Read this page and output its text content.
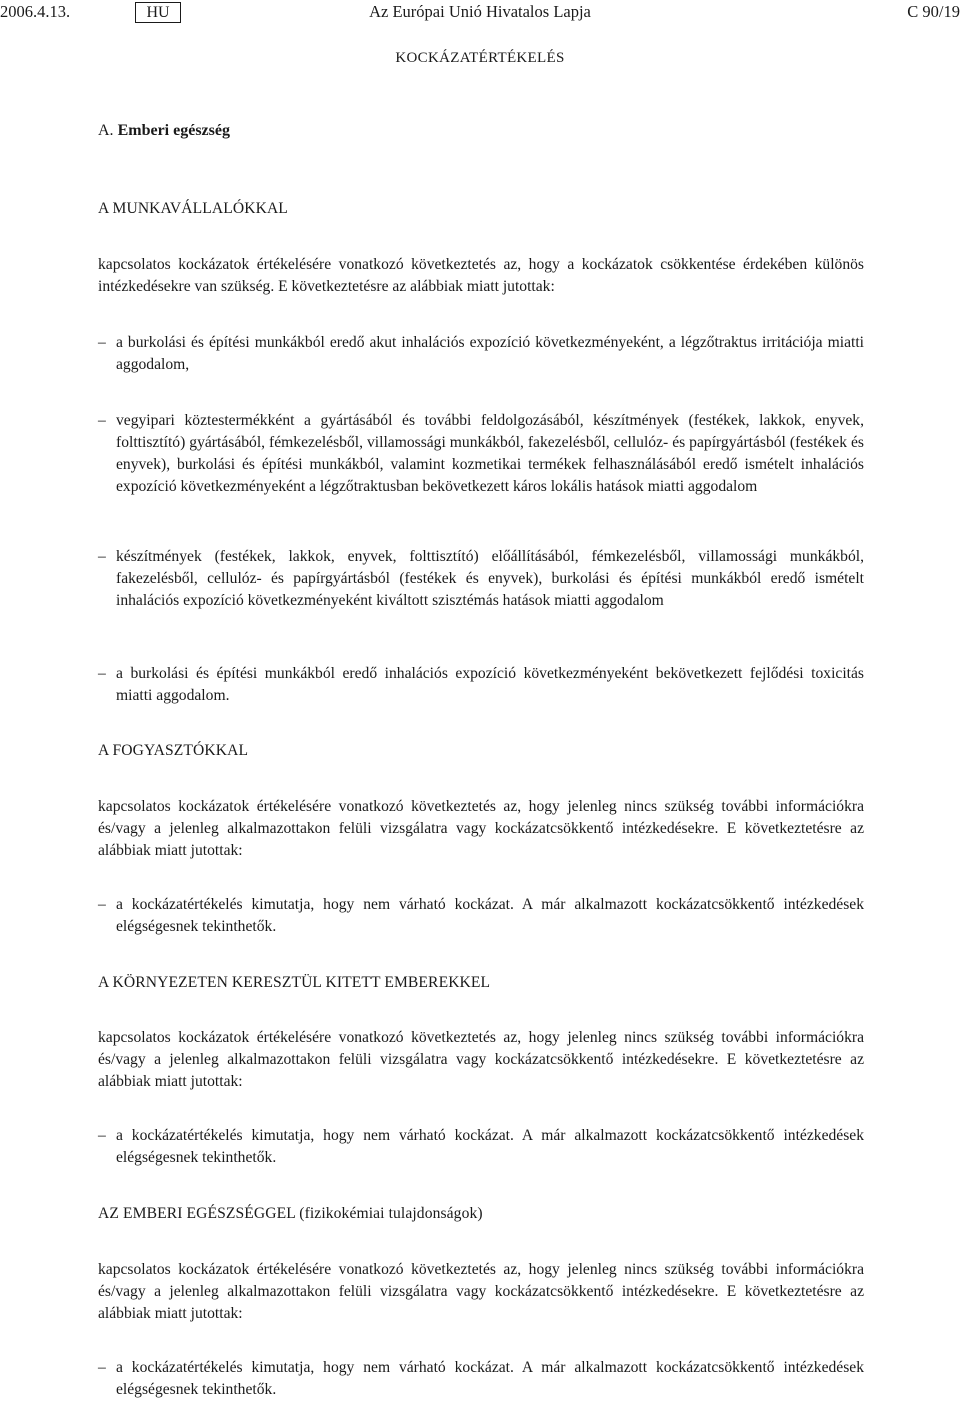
2006.4.13.	HU	Az Európai Unió Hivatalos Lapja	C 90/19
KOCKÁZATÉRTÉKELÉS
A. Emberi egészség
A MUNKAVÁLLALÓKKAL
kapcsolatos kockázatok értékelésére vonatkozó következtetés az, hogy a kockázatok csökkentése érdekében különös intézkedésekre van szükség. E következtetésre az alábbiak miatt jutottak:
– a burkolási és építési munkákból eredő akut inhalációs expozíció következményeként, a légzőtraktus irritációja miatti aggodalom,
– vegyipari köztestermékként a gyártásából és további feldolgozásából, készítmények (festékek, lakkok, enyvek, folttisztító) gyártásából, fémkezelésből, villamossági munkákból, fakezelésből, cellulóz- és papírgyártásból (festékek és enyvek), burkolási és építési munkákból, valamint kozmetikai termékek felhasználásából eredő ismételt inhalációs expozíció következményeként a légzőtraktusban bekövetkezett káros lokális hatások miatti aggodalom
– készítmények (festékek, lakkok, enyvek, folttisztító) előállításából, fémkezelésből, villamossági munkákból, fakezelésből, cellulóz- és papírgyártásból (festékek és enyvek), burkolási és építési munkákból eredő ismételt inhalációs expozíció következményeként kiváltott szisztémás hatások miatti aggodalom
– a burkolási és építési munkákból eredő inhalációs expozíció következményeként bekövetkezett fejlődési toxicitás miatti aggodalom.
A FOGYASZTÓKKAL
kapcsolatos kockázatok értékelésére vonatkozó következtetés az, hogy jelenleg nincs szükség további információkra és/vagy a jelenleg alkalmazottakon felüli vizsgálatra vagy kockázatcsökkentő intézkedésekre. E következtetésre az alábbiak miatt jutottak:
– a kockázatértékelés kimutatja, hogy nem várható kockázat. A már alkalmazott kockázatcsökkentő intézkedések elégségesnek tekinthetők.
A KÖRNYEZETEN KERESZTÜL KITETT EMBEREKKEL
kapcsolatos kockázatok értékelésére vonatkozó következtetés az, hogy jelenleg nincs szükség további információkra és/vagy a jelenleg alkalmazottakon felüli vizsgálatra vagy kockázatcsökkentő intézkedésekre. E következtetésre az alábbiak miatt jutottak:
– a kockázatértékelés kimutatja, hogy nem várható kockázat. A már alkalmazott kockázatcsökkentő intézkedések elégségesnek tekinthetők.
AZ EMBERI EGÉSZSÉGGEL (fizikokémiai tulajdonságok)
kapcsolatos kockázatok értékelésére vonatkozó következtetés az, hogy jelenleg nincs szükség további információkra és/vagy a jelenleg alkalmazottakon felüli vizsgálatra vagy kockázatcsökkentő intézkedésekre. E következtetésre az alábbiak miatt jutottak:
– a kockázatértékelés kimutatja, hogy nem várható kockázat. A már alkalmazott kockázatcsökkentő intézkedések elégségesnek tekinthetők.
